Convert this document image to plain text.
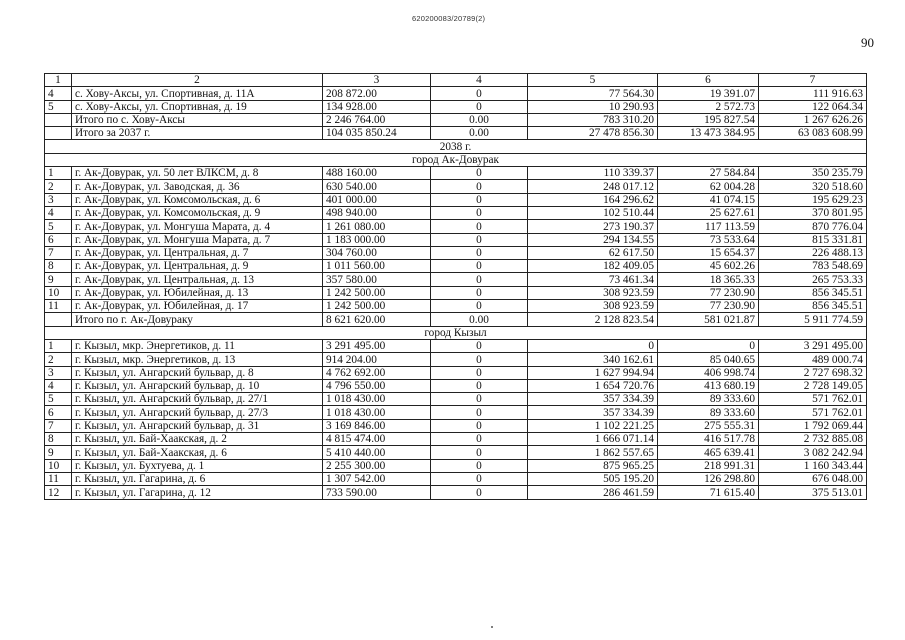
620200083/20789(2)
90
1	2	3	4	5	6	7
4	с. Хову-Аксы, ул. Спортивная, д. 11А	208 872.00	0	77 564.30	19 391.07	111 916.63
5	с. Хову-Аксы, ул. Спортивная, д. 19	134 928.00	0	10 290.93	2 572.73	122 064.34
	Итого по с. Хову-Аксы	2 246 764.00	0.00	783 310.20	195 827.54	1 267 626.26
	Итого за 2037 г.	104 035 850.24	0.00	27 478 856.30	13 473 384.95	63 083 608.99
2038 г.						
город Ак-Довурак						
1	г. Ак-Довурак, ул. 50 лет ВЛКСМ, д. 8	488 160.00	0	110 339.37	27 584.84	350 235.79
2	г. Ак-Довурак, ул. Заводская, д. 36	630 540.00	0	248 017.12	62 004.28	320 518.60
3	г. Ак-Довурак, ул. Комсомольская, д. 6	401 000.00	0	164 296.62	41 074.15	195 629.23
4	г. Ак-Довурак, ул. Комсомольская, д. 9	498 940.00	0	102 510.44	25 627.61	370 801.95
5	г. Ак-Довурак, ул. Монгуша Марата, д. 4	1 261 080.00	0	273 190.37	117 113.59	870 776.04
6	г. Ак-Довурак, ул. Монгуша Марата, д. 7	1 183 000.00	0	294 134.55	73 533.64	815 331.81
7	г. Ак-Довурак, ул. Центральная, д. 7	304 760.00	0	62 617.50	15 654.37	226 488.13
8	г. Ак-Довурак, ул. Центральная, д. 9	1 011 560.00	0	182 409.05	45 602.26	783 548.69
9	г. Ак-Довурак, ул. Центральная, д. 13	357 580.00	0	73 461.34	18 365.33	265 753.33
10	г. Ак-Довурак, ул. Юбилейная, д. 13	1 242 500.00	0	308 923.59	77 230.90	856 345.51
11	г. Ак-Довурак, ул. Юбилейная, д. 17	1 242 500.00	0	308 923.59	77 230.90	856 345.51
	Итого по г. Ак-Довураку	8 621 620.00	0.00	2 128 823.54	581 021.87	5 911 774.59
город Кызыл						
1	г. Кызыл, мкр. Энергетиков, д. 11	3 291 495.00	0	0	0	3 291 495.00
2	г. Кызыл, мкр. Энергетиков, д. 13	914 204.00	0	340 162.61	85 040.65	489 000.74
3	г. Кызыл, ул. Ангарский бульвар, д. 8	4 762 692.00	0	1 627 994.94	406 998.74	2 727 698.32
4	г. Кызыл, ул. Ангарский бульвар, д. 10	4 796 550.00	0	1 654 720.76	413 680.19	2 728 149.05
5	г. Кызыл, ул. Ангарский бульвар, д. 27/1	1 018 430.00	0	357 334.39	89 333.60	571 762.01
6	г. Кызыл, ул. Ангарский бульвар, д. 27/3	1 018 430.00	0	357 334.39	89 333.60	571 762.01
7	г. Кызыл, ул. Ангарский бульвар, д. 31	3 169 846.00	0	1 102 221.25	275 555.31	1 792 069.44
8	г. Кызыл, ул. Бай-Хаакская, д. 2	4 815 474.00	0	1 666 071.14	416 517.78	2 732 885.08
9	г. Кызыл, ул. Бай-Хаакская, д. 6	5 410 440.00	0	1 862 557.65	465 639.41	3 082 242.94
10	г. Кызыл, ул. Бухтуева, д. 1	2 255 300.00	0	875 965.25	218 991.31	1 160 343.44
11	г. Кызыл, ул. Гагарина, д. 6	1 307 542.00	0	505 195.20	126 298.80	676 048.00
12	г. Кызыл, ул. Гагарина, д. 12	733 590.00	0	286 461.59	71 615.40	375 513.01
